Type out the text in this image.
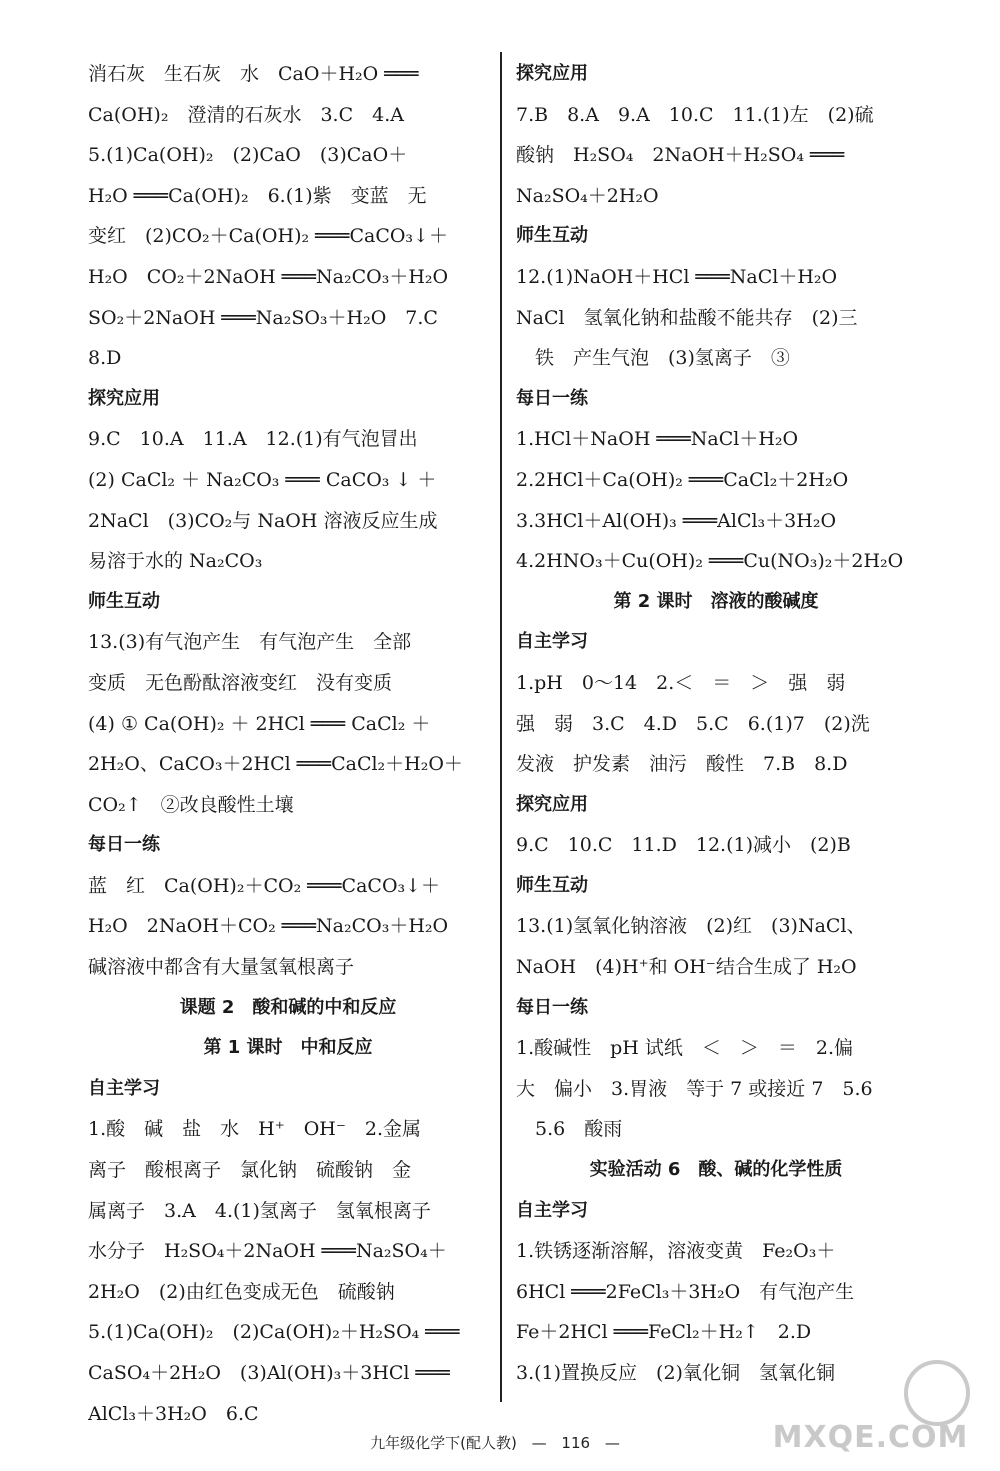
消石灰　生石灰　水　CaO＋H₂O ═══
Ca(OH)₂　澄清的石灰水　3.C　4.A
5.(1)Ca(OH)₂　(2)CaO　(3)CaO＋
H₂O ═══Ca(OH)₂　6.(1)紫　变蓝　无
变红　(2)CO₂＋Ca(OH)₂ ═══CaCO₃↓＋
H₂O　CO₂＋2NaOH ═══Na₂CO₃＋H₂O
SO₂＋2NaOH ═══Na₂SO₃＋H₂O　7.C
8.D
探究应用
9.C　10.A　11.A　12.(1)有气泡冒出
(2) CaCl₂ ＋ Na₂CO₃ ═══ CaCO₃ ↓ ＋
2NaCl　(3)CO₂与 NaOH 溶液反应生成
易溶于水的 Na₂CO₃
师生互动
13.(3)有气泡产生　有气泡产生　全部
变质　无色酚酞溶液变红　没有变质
(4) ① Ca(OH)₂ ＋ 2HCl ═══ CaCl₂ ＋
2H₂O、CaCO₃＋2HCl ═══CaCl₂＋H₂O＋
CO₂↑　②改良酸性土壤
每日一练
蓝　红　Ca(OH)₂＋CO₂ ═══CaCO₃↓＋
H₂O　2NaOH＋CO₂ ═══Na₂CO₃＋H₂O
碱溶液中都含有大量氢氧根离子
课题 2　酸和碱的中和反应
第 1 课时　中和反应
自主学习
1.酸　碱　盐　水　H⁺　OH⁻　2.金属
离子　酸根离子　氯化钠　硫酸钠　金
属离子　3.A　4.(1)氢离子　氢氧根离子
水分子　H₂SO₄＋2NaOH ═══Na₂SO₄＋
2H₂O　(2)由红色变成无色　硫酸钠
5.(1)Ca(OH)₂　(2)Ca(OH)₂＋H₂SO₄ ═══
CaSO₄＋2H₂O　(3)Al(OH)₃＋3HCl ═══
AlCl₃＋3H₂O　6.C
探究应用
7.B　8.A　9.A　10.C　11.(1)左　(2)硫
酸钠　H₂SO₄　2NaOH＋H₂SO₄ ═══
Na₂SO₄＋2H₂O
师生互动
12.(1)NaOH＋HCl ═══NaCl＋H₂O
NaCl　氢氧化钠和盐酸不能共存　(2)三
　铁　产生气泡　(3)氢离子　③
每日一练
1.HCl＋NaOH ═══NaCl＋H₂O
2.2HCl＋Ca(OH)₂ ═══CaCl₂＋2H₂O
3.3HCl＋Al(OH)₃ ═══AlCl₃＋3H₂O
4.2HNO₃＋Cu(OH)₂ ═══Cu(NO₃)₂＋2H₂O
第 2 课时　溶液的酸碱度
自主学习
1.pH　0～14　2.＜　＝　＞　强　弱
强　弱　3.C　4.D　5.C　6.(1)7　(2)洗
发液　护发素　油污　酸性　7.B　8.D
探究应用
9.C　10.C　11.D　12.(1)减小　(2)B
师生互动
13.(1)氢氧化钠溶液　(2)红　(3)NaCl、
NaOH　(4)H⁺和 OH⁻结合生成了 H₂O
每日一练
1.酸碱性　pH 试纸　＜　＞　＝　2.偏
大　偏小　3.胃液　等于 7 或接近 7　5.6
　5.6　酸雨
实验活动 6　酸、碱的化学性质
自主学习
1.铁锈逐渐溶解，溶液变黄　Fe₂O₃＋
6HCl ═══2FeCl₃＋3H₂O　有气泡产生
Fe＋2HCl ═══FeCl₂＋H₂↑　2.D
3.(1)置换反应　(2)氧化铜　氢氧化铜
九年级化学下(配人教) — 116 —	MXQE.COM
